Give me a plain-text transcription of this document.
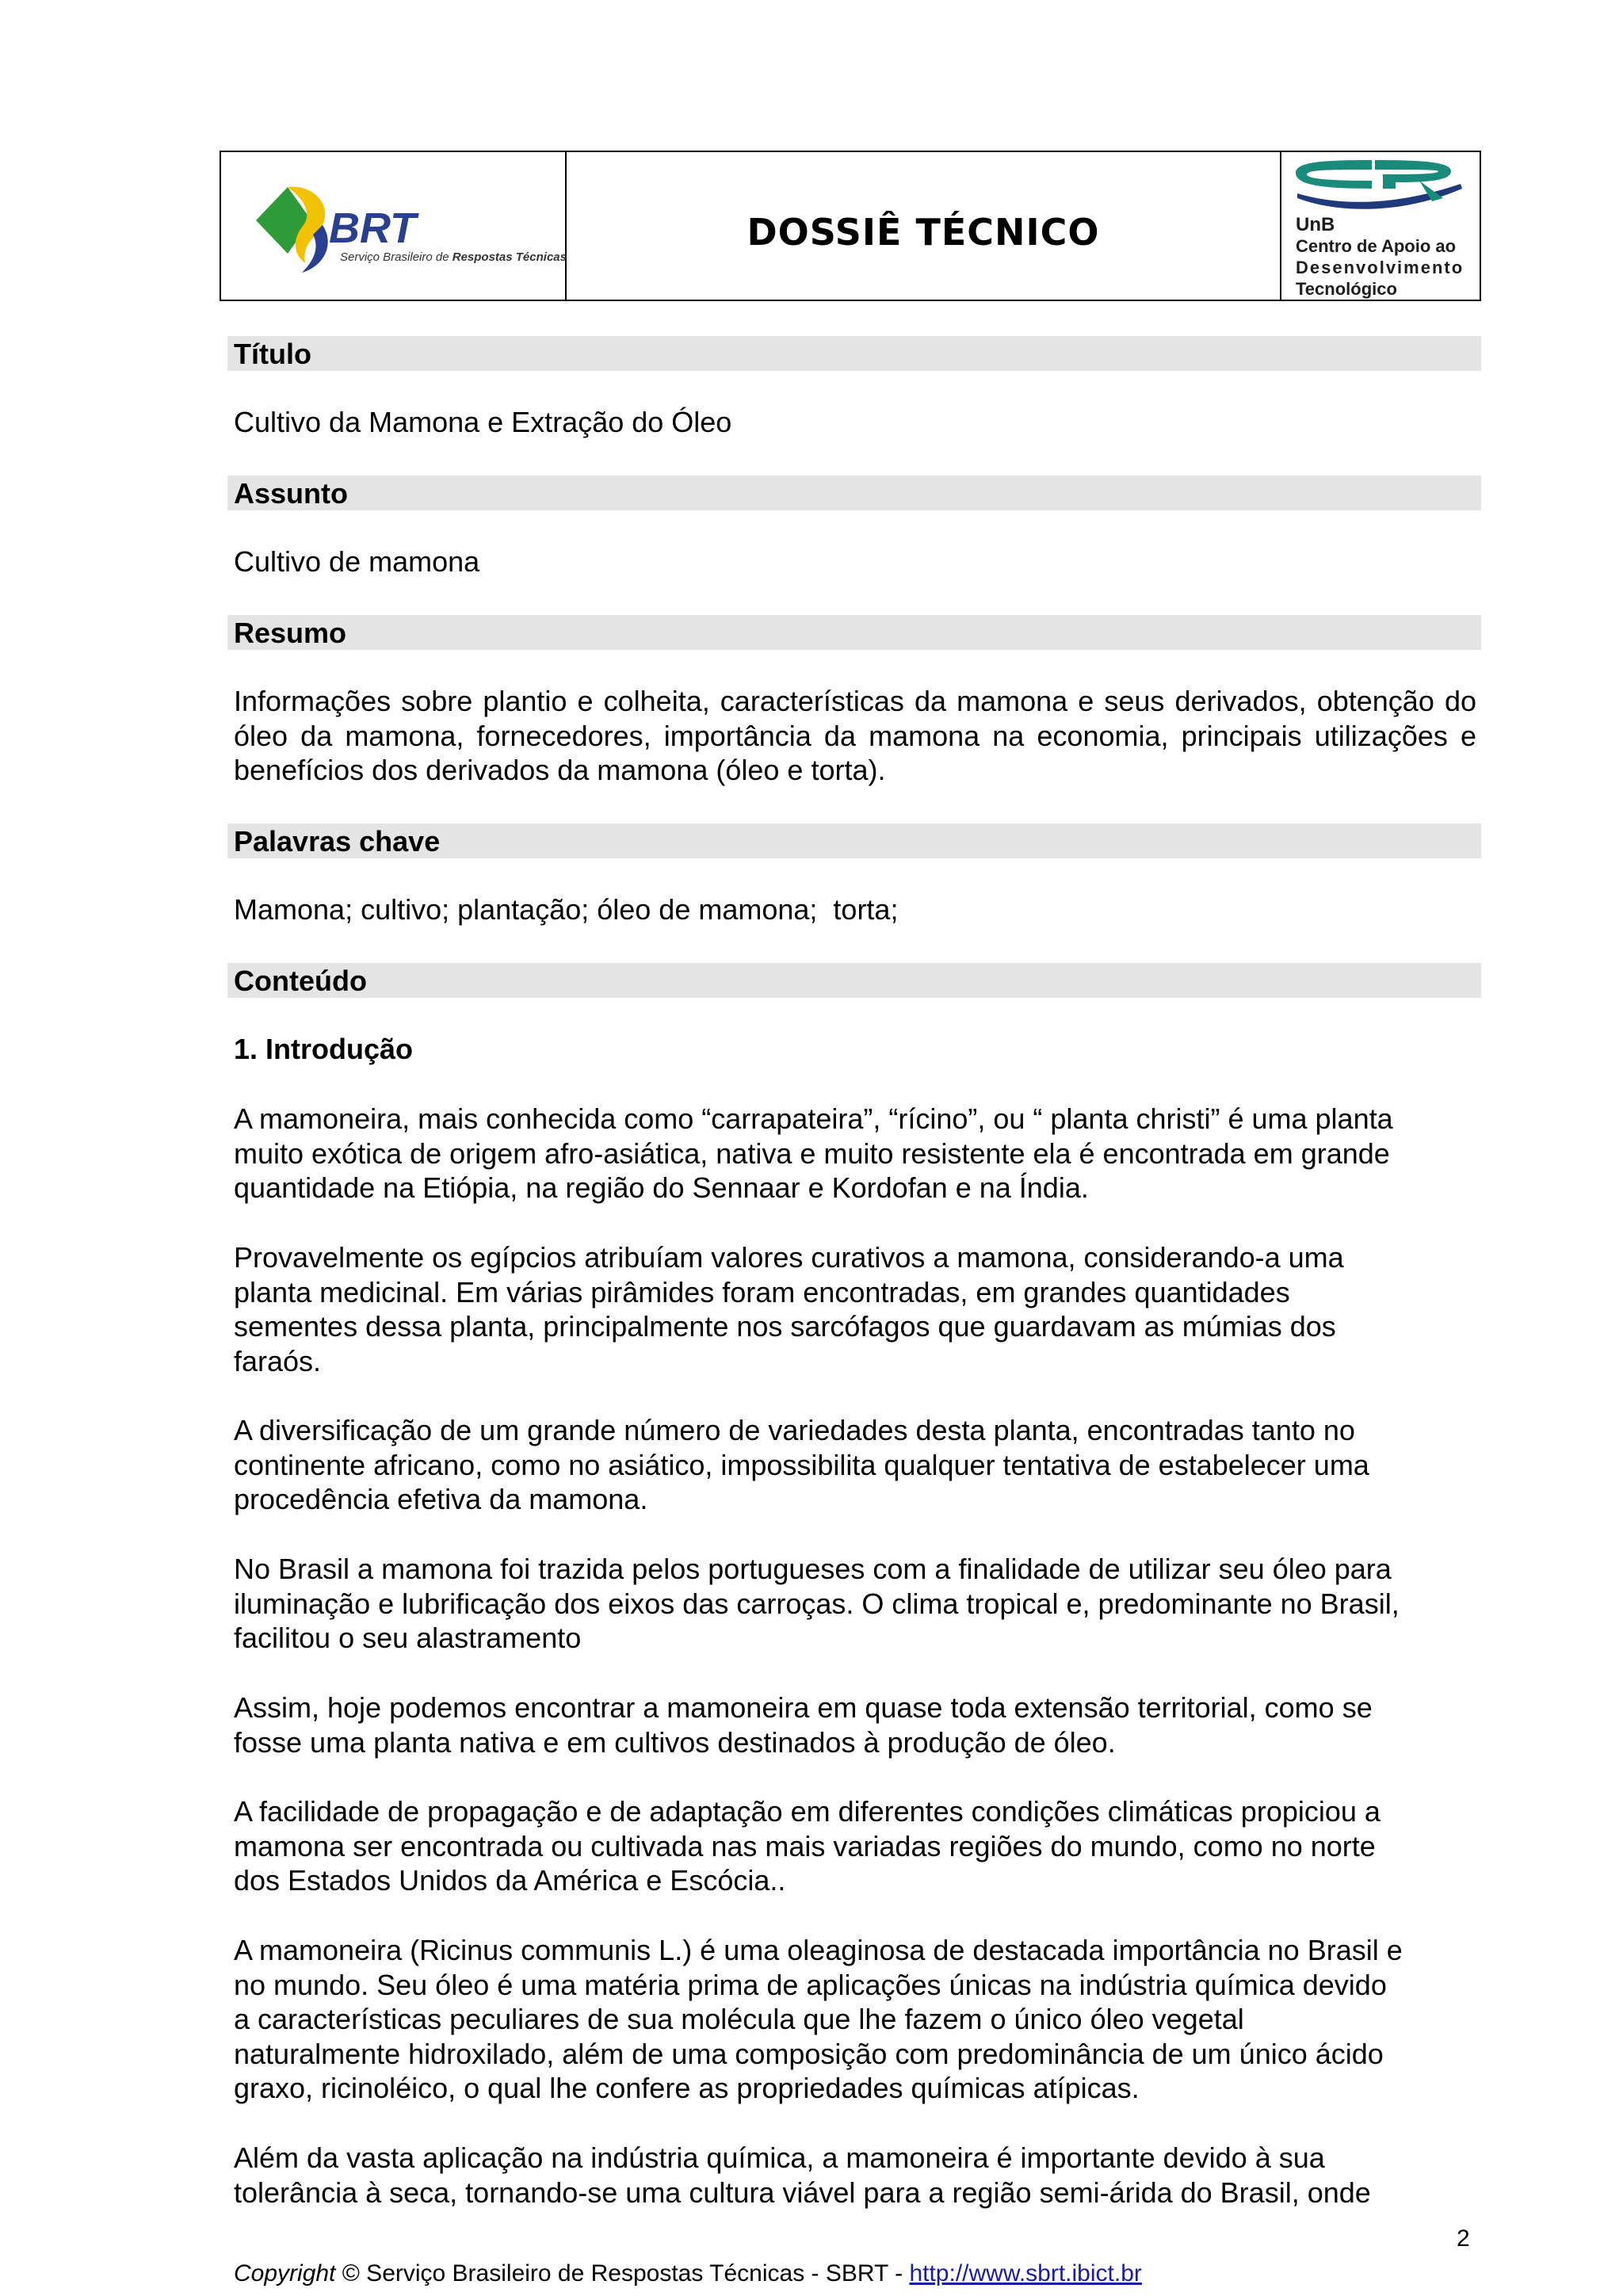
BRT
Serviço Brasileiro de Respostas Técnicas
DOSSIÊ TÉCNICO	UnB
Centro de Apoio ao
Desenvolvimento
Tecnológico
Título
Cultivo da Mamona e Extração do Óleo
Assunto
Cultivo de mamona
Resumo
Informações sobre plantio e colheita, características da mamona e seus derivados, obtenção do óleo da mamona, fornecedores, importância da mamona na economia, principais utilizações e benefícios dos derivados da mamona (óleo e torta).
Palavras chave
Mamona; cultivo; plantação; óleo de mamona;  torta;
Conteúdo
1. Introdução
A mamoneira, mais conhecida como “carrapateira”, “rícino”, ou “ planta christi” é uma planta
muito exótica de origem afro-asiática, nativa e muito resistente ela é encontrada em grande
quantidade na Etiópia, na região do Sennaar e Kordofan e na Índia.
Provavelmente os egípcios atribuíam valores curativos a mamona, considerando-a uma
planta medicinal. Em várias pirâmides foram encontradas, em grandes quantidades
sementes dessa planta, principalmente nos sarcófagos que guardavam as múmias dos
faraós.
A diversificação de um grande número de variedades desta planta, encontradas tanto no
continente africano, como no asiático, impossibilita qualquer tentativa de estabelecer uma
procedência efetiva da mamona.
No Brasil a mamona foi trazida pelos portugueses com a finalidade de utilizar seu óleo para
iluminação e lubrificação dos eixos das carroças. O clima tropical e, predominante no Brasil,
facilitou o seu alastramento
Assim, hoje podemos encontrar a mamoneira em quase toda extensão territorial, como se
fosse uma planta nativa e em cultivos destinados à produção de óleo.
A facilidade de propagação e de adaptação em diferentes condições climáticas propiciou a
mamona ser encontrada ou cultivada nas mais variadas regiões do mundo, como no norte
dos Estados Unidos da América e Escócia..
A mamoneira (Ricinus communis L.) é uma oleaginosa de destacada importância no Brasil e
no mundo. Seu óleo é uma matéria prima de aplicações únicas na indústria química devido
a características peculiares de sua molécula que lhe fazem o único óleo vegetal
naturalmente hidroxilado, além de uma composição com predominância de um único ácido
graxo, ricinoléico, o qual lhe confere as propriedades químicas atípicas.
Além da vasta aplicação na indústria química, a mamoneira é importante devido à sua
tolerância à seca, tornando-se uma cultura viável para a região semi-árida do Brasil, onde
2
Copyright © Serviço Brasileiro de Respostas Técnicas - SBRT - http://www.sbrt.ibict.br
